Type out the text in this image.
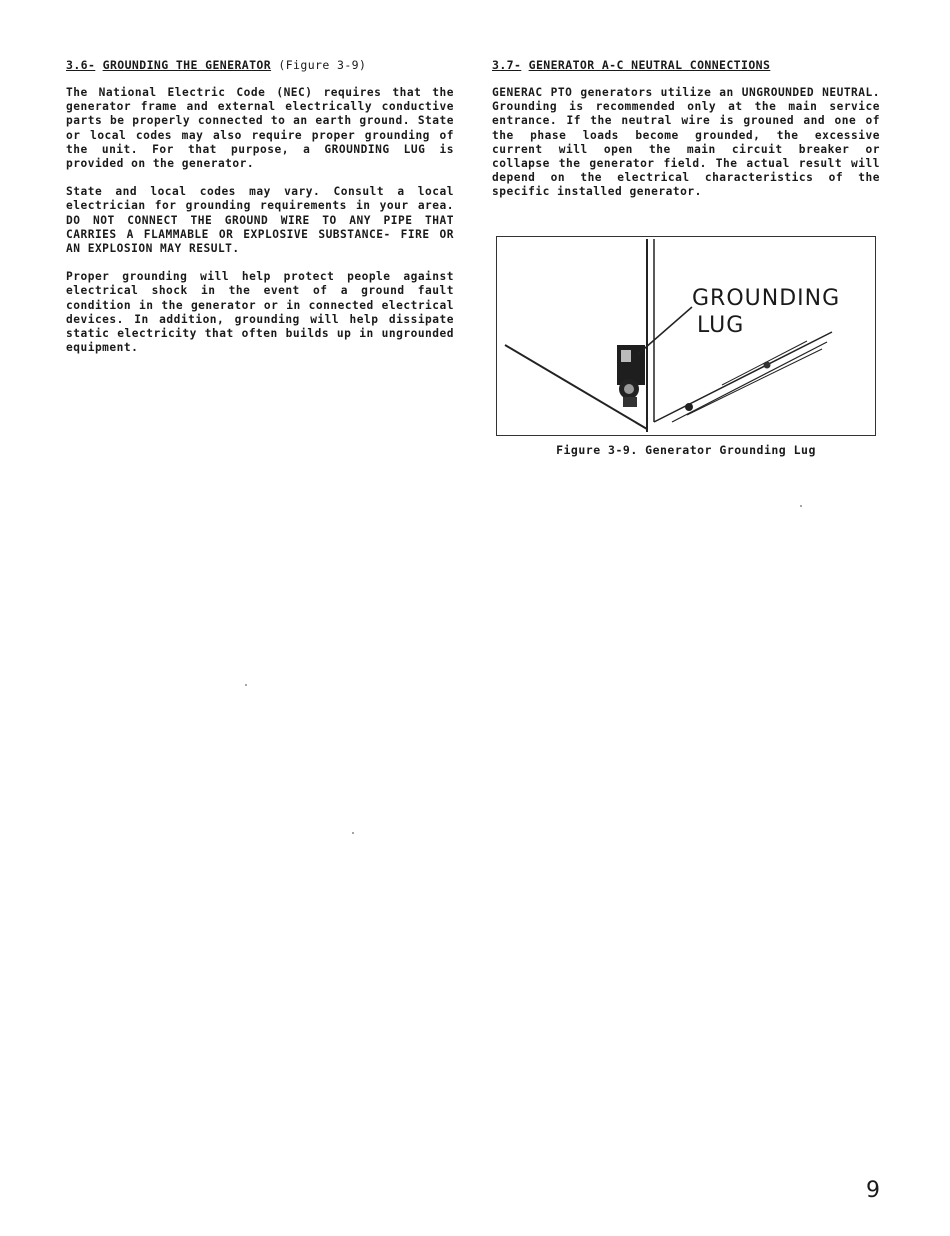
3.6- GROUNDING THE GENERATOR (Figure 3-9)

The National Electric Code (NEC) requires that the generator frame and external electrically conductive parts be properly connected to an earth ground. State or local codes may also require proper grounding of the unit. For that purpose, a GROUNDING LUG is provided on the generator.

State and local codes may vary. Consult a local electrician for grounding requirements in your area. DO NOT CONNECT THE GROUND WIRE TO ANY PIPE THAT CARRIES A FLAMMABLE OR EXPLOSIVE SUBSTANCE- FIRE OR AN EXPLOSION MAY RESULT.

Proper grounding will help protect people against electrical shock in the event of a ground fault condition in the generator or in connected electrical devices. In addition, grounding will help dissipate static electricity that often builds up in ungrounded equipment.

3.7- GENERATOR A-C NEUTRAL CONNECTIONS

GENERAC PTO generators utilize an UNGROUNDED NEUTRAL. Grounding is recommended only at the main service entrance. If the neutral wire is grouned and one of the phase loads become grounded, the excessive current will open the main circuit breaker or collapse the generator field. The actual result will depend on the electrical characteristics of the specific installed generator.

GROUNDING
LUG
Figure 3-9. Generator Grounding Lug
9
